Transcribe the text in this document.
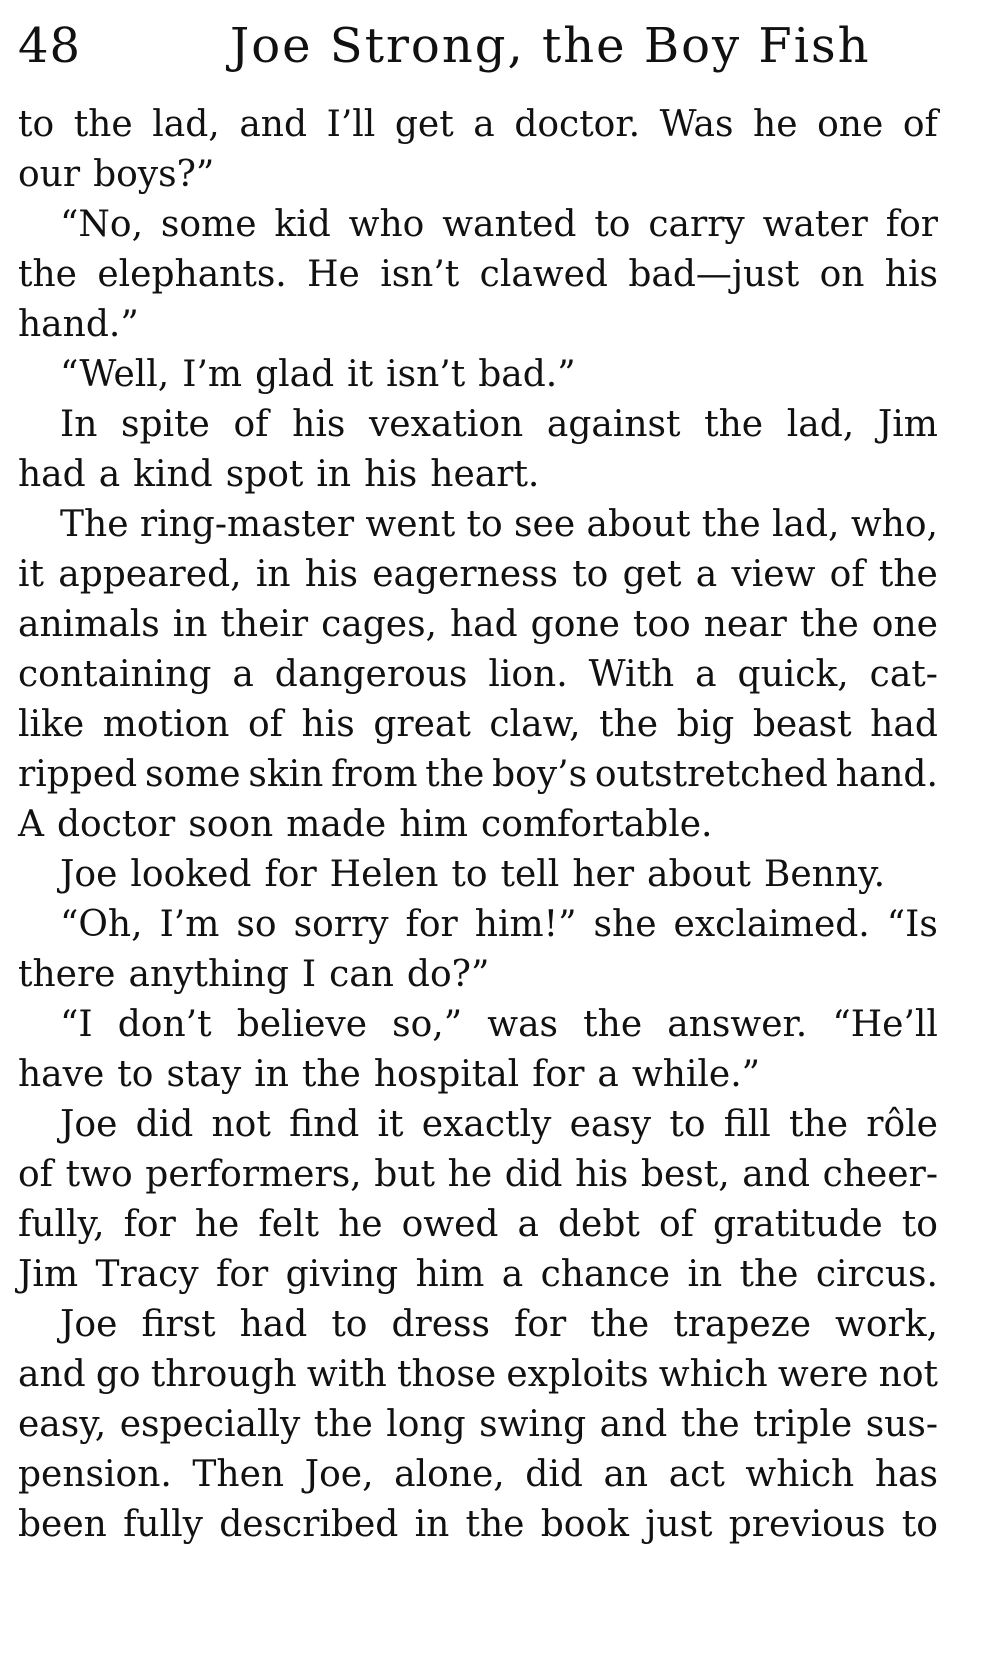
48	Joe Strong, the Boy Fish
to the lad, and I’ll get a doctor. Was he one of
our boys?”
“No, some kid who wanted to carry water for
the elephants. He isn’t clawed bad—just on his
hand.”
“Well, I’m glad it isn’t bad.”
In spite of his vexation against the lad, Jim
had a kind spot in his heart.
The ring-master went to see about the lad, who,
it appeared, in his eagerness to get a view of the
animals in their cages, had gone too near the one
containing a dangerous lion. With a quick, cat-
like motion of his great claw, the big beast had
ripped some skin from the boy’s outstretched hand.
A doctor soon made him comfortable.
Joe looked for Helen to tell her about Benny.
“Oh, I’m so sorry for him!” she exclaimed. “Is
there anything I can do?”
“I don’t believe so,” was the answer. “He’ll
have to stay in the hospital for a while.”
Joe did not find it exactly easy to fill the rôle
of two performers, but he did his best, and cheer-
fully, for he felt he owed a debt of gratitude to
Jim Tracy for giving him a chance in the circus.
Joe first had to dress for the trapeze work,
and go through with those exploits which were not
easy, especially the long swing and the triple sus-
pension. Then Joe, alone, did an act which has
been fully described in the book just previous to
